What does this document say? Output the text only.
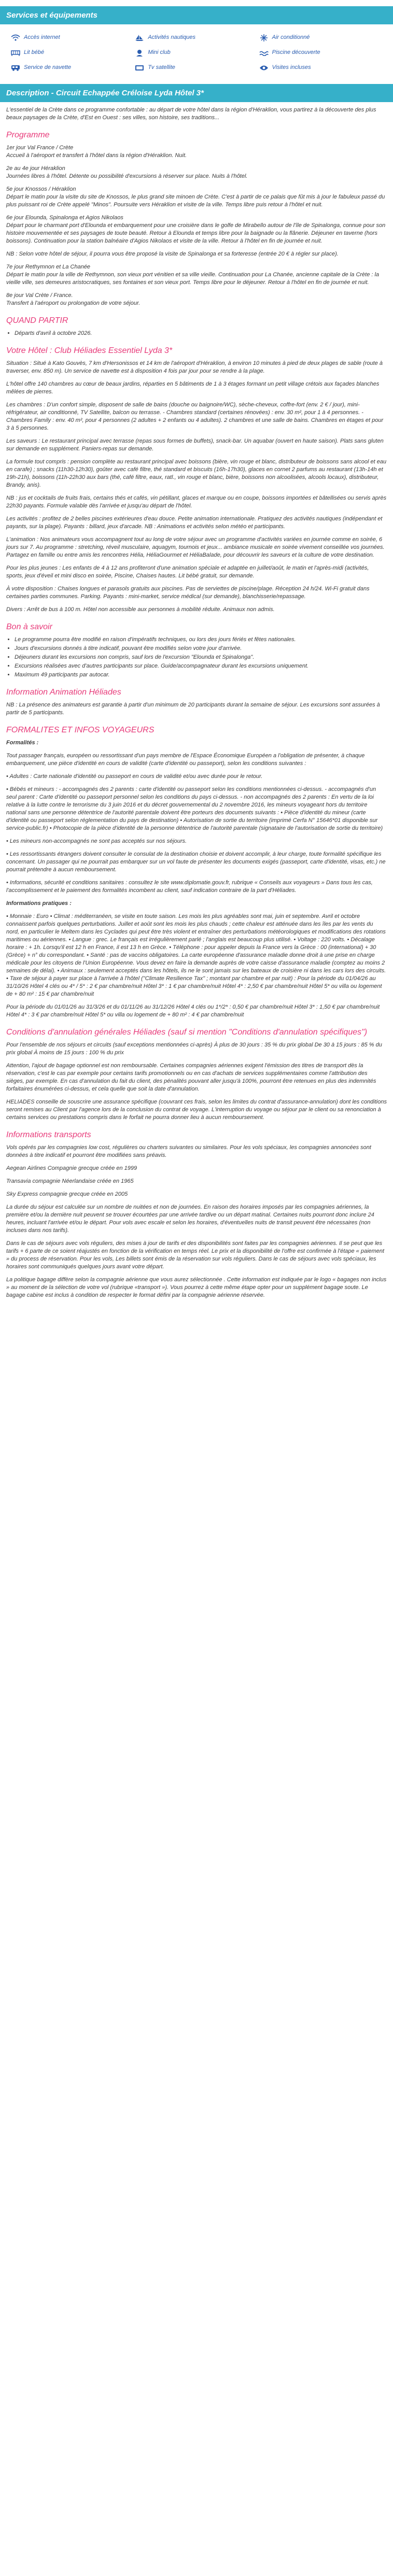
Services et équipements
Accès internet	Activités nautiques	Air conditionné
Lit bébé	Mini club	Piscine découverte
Service de navette	Tv satellite	Visites incluses
Description - Circuit Echappée Créloise Lyda Hôtel 3*

L'essentiel de la Crète dans ce programme confortable : au départ de votre hôtel dans la région d'Héraklion, vous partirez à la découverte des plus beaux paysages de la Crète, d'Est en Ouest : ses villes, son histoire, ses traditions...

Programme
1er jour Val France / Crète

Accueil à l'aéroport et transfert à l'hôtel dans la région d'Héraklion. Nuit.

2e au 4e jour Héraklion

Journées libres à l'hôtel. Détente ou possibilité d'excursions à réserver sur place. Nuits à l'hôtel.

5e jour Knossos / Héraklion

Départ le matin pour la visite du site de Knossos, le plus grand site minoen de Crète. C'est à partir de ce palais que fût mis à jour le fabuleux passé du plus puissant roi de Crète appelé "Minos". Poursuite vers Héraklion et visite de la ville. Temps libre puis retour à l'hôtel et nuit.

6e jour Elounda, Spinalonga et Agios Nikolaos

Départ pour le charmant port d'Elounda et embarquement pour une croisière dans le golfe de Mirabello autour de l'île de Spinalonga, connue pour son histoire mouvementée et ses paysages de toute beauté. Retour à Elounda et temps libre pour la baignade ou la flânerie. Déjeuner en taverne (hors boissons). Continuation pour la station balnéaire d'Agios Nikolaos et visite de la ville. Retour à l'hôtel en fin de journée et nuit.

NB : Selon votre hôtel de séjour, il pourra vous être proposé la visite de Spinalonga et sa forteresse (entrée 20 € à régler sur place).

7e jour Rethymnon et La Chanée

Départ le matin pour la ville de Rethymnon, son vieux port vénitien et sa ville vieille. Continuation pour La Chanée, ancienne capitale de la Crète : la vieille ville, ses demeures aristocratiques, ses fontaines et son vieux port. Temps libre pour le déjeuner. Retour à l'hôtel en fin de journée et nuit.

8e jour Val Crète / France.

Transfert à l'aéroport ou prolongation de votre séjour.

QUAND PARTIR
• Départs d'avril à octobre 2026.
Votre Hôtel : Club Héliades Essentiel Lyda 3*

Situation : Situé à Kato Gouvès, 7 km d'Hersonissos et 14 km de l'aéroport d'Héraklion, à environ 10 minutes à pied de deux plages de sable (route à traverser, env. 850 m). Un service de navette est à disposition 4 fois par jour pour se rendre à la plage.

L'hôtel offre 140 chambres au cœur de beaux jardins, réparties en 5 bâtiments de 1 à 3 étages formant un petit village crétois aux façades blanches mêlées de pierres.

Les chambres : D'un confort simple, disposent de salle de bains (douche ou baignoire/WC), sèche-cheveux, coffre-fort (env. 2 € / jour), mini-réfrigérateur, air conditionné, TV Satellite, balcon ou terrasse. - Chambres standard (certaines rénovées) : env. 30 m², pour 1 à 4 personnes. - Chambres Family : env. 40 m², pour 4 personnes (2 adultes + 2 enfants ou 4 adultes). 2 chambres et une salle de bains. Chambres en étages et pour 3 à 5 personnes.

Les saveurs : Le restaurant principal avec terrasse (repas sous formes de buffets), snack-bar. Un aquabar (ouvert en haute saison). Plats sans gluten sur demande en supplément. Paniers-repas sur demande.

La formule tout compris : pension complète au restaurant principal avec boissons (bière, vin rouge et blanc, distributeur de boissons sans alcool et eau en carafe) ; snacks (11h30-12h30), goûter avec café filtre, thé standard et biscuits (16h-17h30), glaces en cornet 2 parfums au restaurant (13h-14h et 19h-21h), boissons (11h-22h30 aux bars (thé, café filtre, eaux, ratl., vin rouge et blanc, bière, boissons non alcoolisées, alcools locaux), distributeur, Brandy, anis).

NB : jus et cocktails de fruits frais, certains thés et cafés, vin pétillant, glaces et marque ou en coupe, boissons importées et bâtellisées ou servis après 22h30 payants. Formule valable dès l'arrivée et jusqu'au départ de l'hôtel.

Les activités : profitez de 2 belles piscines extérieures d'eau douce. Petite animation internationale. Pratiquez des activités nautiques (indépendant et payants, sur la plage). Payants : billard, jeux d'arcade. NB : Animations et activités selon météo et participants.

L'animation : Nos animateurs vous accompagnent tout au long de votre séjour avec un programme d'activités variées en journée comme en soirée, 6 jours sur 7. Au programme : stretching, réveil musculaire, aquagym, tournois et jeux... ambiance musicale en soirée vivement conseillée vos journées. Partagez en famille ou entre amis les rencontres Hélia, HéliaGourmet et HéliaBalade, pour découvrir les saveurs et la culture de votre destination.

Pour les plus jeunes : Les enfants de 4 à 12 ans profiteront d'une animation spéciale et adaptée en juillet/août, le matin et l'après-midi (activités, sports, jeux d'éveil et mini disco en soirée, Piscine, Chaises hautes. Lit bébé gratuit, sur demande.

À votre disposition : Chaises longues et parasols gratuits aux piscines. Pas de serviettes de piscine/plage. Réception 24 h/24. Wi-Fi gratuit dans certaines parties communes. Parking. Payants : mini-market, service médical (sur demande), blanchisserie/repassage.

Divers : Arrêt de bus à 100 m. Hôtel non accessible aux personnes à mobilité réduite. Animaux non admis.

Bon à savoir
• Le programme pourra être modifié en raison d'impératifs techniques, ou lors des jours fériés et fêtes nationales.
• Jours d'excursions donnés à titre indicatif, pouvant être modifiés selon votre jour d'arrivée.
• Déjeuners durant les excursions non compris, sauf lors de l'excursion "Elounda et Spinalonga".
• Excursions réalisées avec d'autres participants sur place. Guide/accompagnateur durant les excursions uniquement.
• Maximum 49 participants par autocar.
Information Animation Héliades

NB : La présence des animateurs est garantie à partir d'un minimum de 20 participants durant la semaine de séjour. Les excursions sont assurées à partir de 5 participants.

FORMALITES ET INFOS VOYAGEURS

Formalités :

Tout passager français, européen ou ressortissant d'un pays membre de l'Espace Économique Européen a l'obligation de présenter, à chaque embarquement, une pièce d'identité en cours de validité (carte d'identité ou passeport), selon les conditions suivantes :

• Adultes : Carte nationale d'identité ou passeport en cours de validité et/ou avec durée pour le retour.

• Bébés et mineurs : - accompagnés des 2 parents : carte d'identité ou passeport selon les conditions mentionnées ci-dessus. - accompagnés d'un seul parent : Carte d'identité ou passeport personnel selon les conditions du pays ci-dessus. - non accompagnés des 2 parents : En vertu de la loi relative à la lutte contre le terrorisme du 3 juin 2016 et du décret gouvernemental du 2 novembre 2016, les mineurs voyageant hors du territoire national sans une personne détentrice de l'autorité parentale doivent être porteurs des documents suivants : • Pièce d'identité du mineur (carte d'identité ou passeport selon réglementation du pays de destination) • Autorisation de sortie du territoire (imprimé Cerfa N° 15646*01 disponible sur service-public.fr) • Photocopie de la pièce d'identité de la personne détentrice de l'autorité parentale (signataire de l'autorisation de sortie du territoire)

• Les mineurs non-accompagnés ne sont pas acceptés sur nos séjours.

• Les ressortissants étrangers doivent consulter le consulat de la destination choisie et doivent accomplir, à leur charge, toute formalité spécifique les concernant. Un passager qui ne pourrait pas embarquer sur un vol faute de présenter les documents exigés (passeport, carte d'identité, visas, etc.) ne pourrait prétendre à aucun remboursement.

• Informations, sécurité et conditions sanitaires : consultez le site www.diplomatie.gouv.fr, rubrique « Conseils aux voyageurs » Dans tous les cas, l'accomplissement et le paiement des formalités incombent au client, sauf indication contraire de la part d'Héliades.

Informations pratiques :

• Monnaie : Euro • Climat : méditerranéen, se visite en toute saison. Les mois les plus agréables sont mai, juin et septembre. Avril et octobre connaissent parfois quelques perturbations. Juillet et août sont les mois les plus chauds ; cette chaleur est atténuée dans les îles par les vents du nord, en particulier le Meltem dans les Cyclades qui peut être très violent et entraîner des perturbations météorologiques et modifications des rotations maritimes ou aériennes. • Langue : grec. Le français est irrégulièrement parlé ; l'anglais est beaucoup plus utilisé. • Voltage : 220 volts. • Décalage horaire : + 1h. Lorsqu'il est 12 h en France, il est 13 h en Grèce. • Téléphone : pour appeler depuis la France vers la Grèce : 00 (international) + 30 (Grèce) + n° du correspondant. • Santé : pas de vaccins obligatoires. La carte européenne d'assurance maladie donne droit à une prise en charge médicale pour les citoyens de l'Union Européenne. Vous devez en faire la demande auprès de votre caisse d'assurance maladie (comptez au moins 2 semaines de délai). • Animaux : seulement acceptés dans les hôtels, ils ne le sont jamais sur les bateaux de croisière ni dans les cars lors des circuits. • Taxe de séjour à payer sur place à l'arrivée à l'hôtel ("Climate Resilience Tax" ; montant par chambre et par nuit) : Pour la période du 01/04/26 au 31/10/26 Hôtel 4 clés ou 4* / 5* : 2 € par chambre/nuit Hôtel 3* : 1 € par chambre/nuit Hôtel 4* : 2,50 € par chambre/nuit Hôtel 5* ou villa ou logement de + 80 m² : 15 € par chambre/nuit

Pour la période du 01/01/26 au 31/3/26 et du 01/11/26 au 31/12/26 Hôtel 4 clés ou 1*/2* : 0,50 € par chambre/nuit Hôtel 3* : 1,50 € par chambre/nuit Hôtel 4* : 3 € par chambre/nuit Hôtel 5* ou villa ou logement de + 80 m² : 4 € par chambre/nuit

Conditions d'annulation générales Héliades (sauf si mention "Conditions d'annulation spécifiques")

Pour l'ensemble de nos séjours et circuits (sauf exceptions mentionnées ci-après) À plus de 30 jours : 35 % du prix global De 30 à 15 jours : 85 % du prix global À moins de 15 jours : 100 % du prix

Attention, l'ajout de bagage optionnel est non remboursable. Certaines compagnies aériennes exigent l'émission des titres de transport dès la réservation, c'est le cas par exemple pour certains tarifs promotionnels ou en cas d'achats de services supplémentaires comme l'attribution des sièges, par exemple. En cas d'annulation du fait du client, des pénalités pouvant aller jusqu'à 100%, pourront être retenues en plus des indemnités forfaitaires énumérées ci-dessus, et cela quelle que soit la date d'annulation.

HELIADES conseille de souscrire une assurance spécifique (couvrant ces frais, selon les limites du contrat d'assurance-annulation) dont les conditions seront remises au Client par l'agence lors de la conclusion du contrat de voyage. L'interruption du voyage ou séjour par le client ou sa renonciation à certains services ou prestations compris dans le forfait ne pourra donner lieu à aucun remboursement.

Informations transports

Vols opérés par les compagnies low cost, régulières ou charters suivantes ou similaires. Pour les vols spéciaux, les compagnies annoncées sont données à titre indicatif et pourront être modifiées sans préavis.

Aegean Airlines Compagnie grecque créée en 1999

Transavia compagnie Néerlandaise créée en 1965

Sky Express compagnie grecque créée en 2005

La durée du séjour est calculée sur un nombre de nuitées et non de journées. En raison des horaires imposés par les compagnies aériennes, la première et/ou la dernière nuit peuvent se trouver écourtées par une arrivée tardive ou un départ matinal. Certaines nuits pourront donc inclure 24 heures, incluant l'arrivée et/ou le départ. Pour vols avec escale et selon les horaires, d'éventuelles nuits de transit peuvent être nécessaires (non incluses dans nos tarifs).

Dans le cas de séjours avec vols réguliers, des mises à jour de tarifs et des disponibilités sont faites par les compagnies aériennes. Il se peut que les tarifs + 6 parte de ce soient réajustés en fonction de la vérification en temps réel. Le prix et la disponibilité de l'offre est confirmée à l'étape « paiement » du process de réservation. Pour les vols, Les billets sont émis de la réservation sur vols réguliers. Dans le cas de séjours avec vols spéciaux, les horaires sont communiqués quelques jours avant votre départ.

La politique bagage diffère selon la compagnie aérienne que vous aurez sélectionnée . Cette information est indiquée par le logo « bagages non inclus » au moment de la sélection de votre vol (rubrique «transport »). Vous pourrez à cette même étape opter pour un supplément bagage soute. Le bagage cabine est inclus à condition de respecter le format défini par la compagnie aérienne réservée.
